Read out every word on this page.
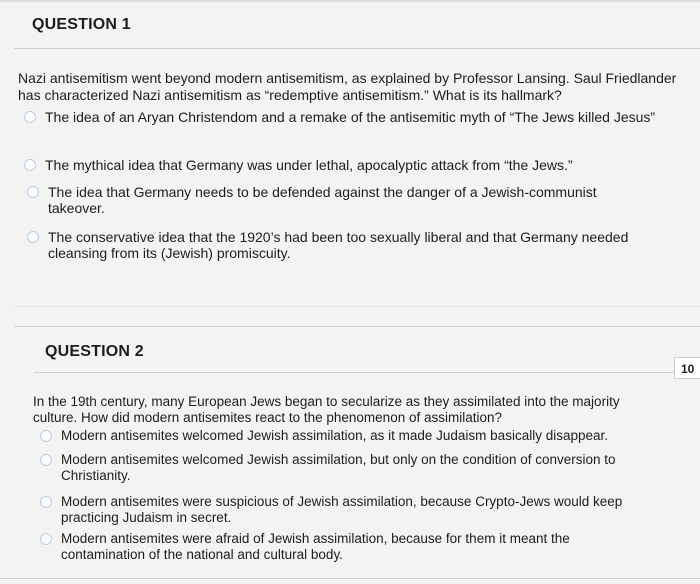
QUESTION 1
Nazi antisemitism went beyond modern antisemitism, as explained by Professor Lansing. Saul Friedlander has characterized Nazi antisemitism as “redemptive antisemitism.” What is its hallmark?
The idea of an Aryan Christendom and a remake of the antisemitic myth of “The Jews killed Jesus”
The mythical idea that Germany was under lethal, apocalyptic attack from “the Jews.”
The idea that Germany needs to be defended against the danger of a Jewish-communist takeover.
The conservative idea that the 1920’s had been too sexually liberal and that Germany needed cleansing from its (Jewish) promiscuity.
QUESTION 2
10
In the 19th century, many European Jews began to secularize as they assimilated into the majority culture. How did modern antisemites react to the phenomenon of assimilation?
Modern antisemites welcomed Jewish assimilation, as it made Judaism basically disappear.
Modern antisemites welcomed Jewish assimilation, but only on the condition of conversion to Christianity.
Modern antisemites were suspicious of Jewish assimilation, because Crypto-Jews would keep practicing Judaism in secret.
Modern antisemites were afraid of Jewish assimilation, because for them it meant the contamination of the national and cultural body.
